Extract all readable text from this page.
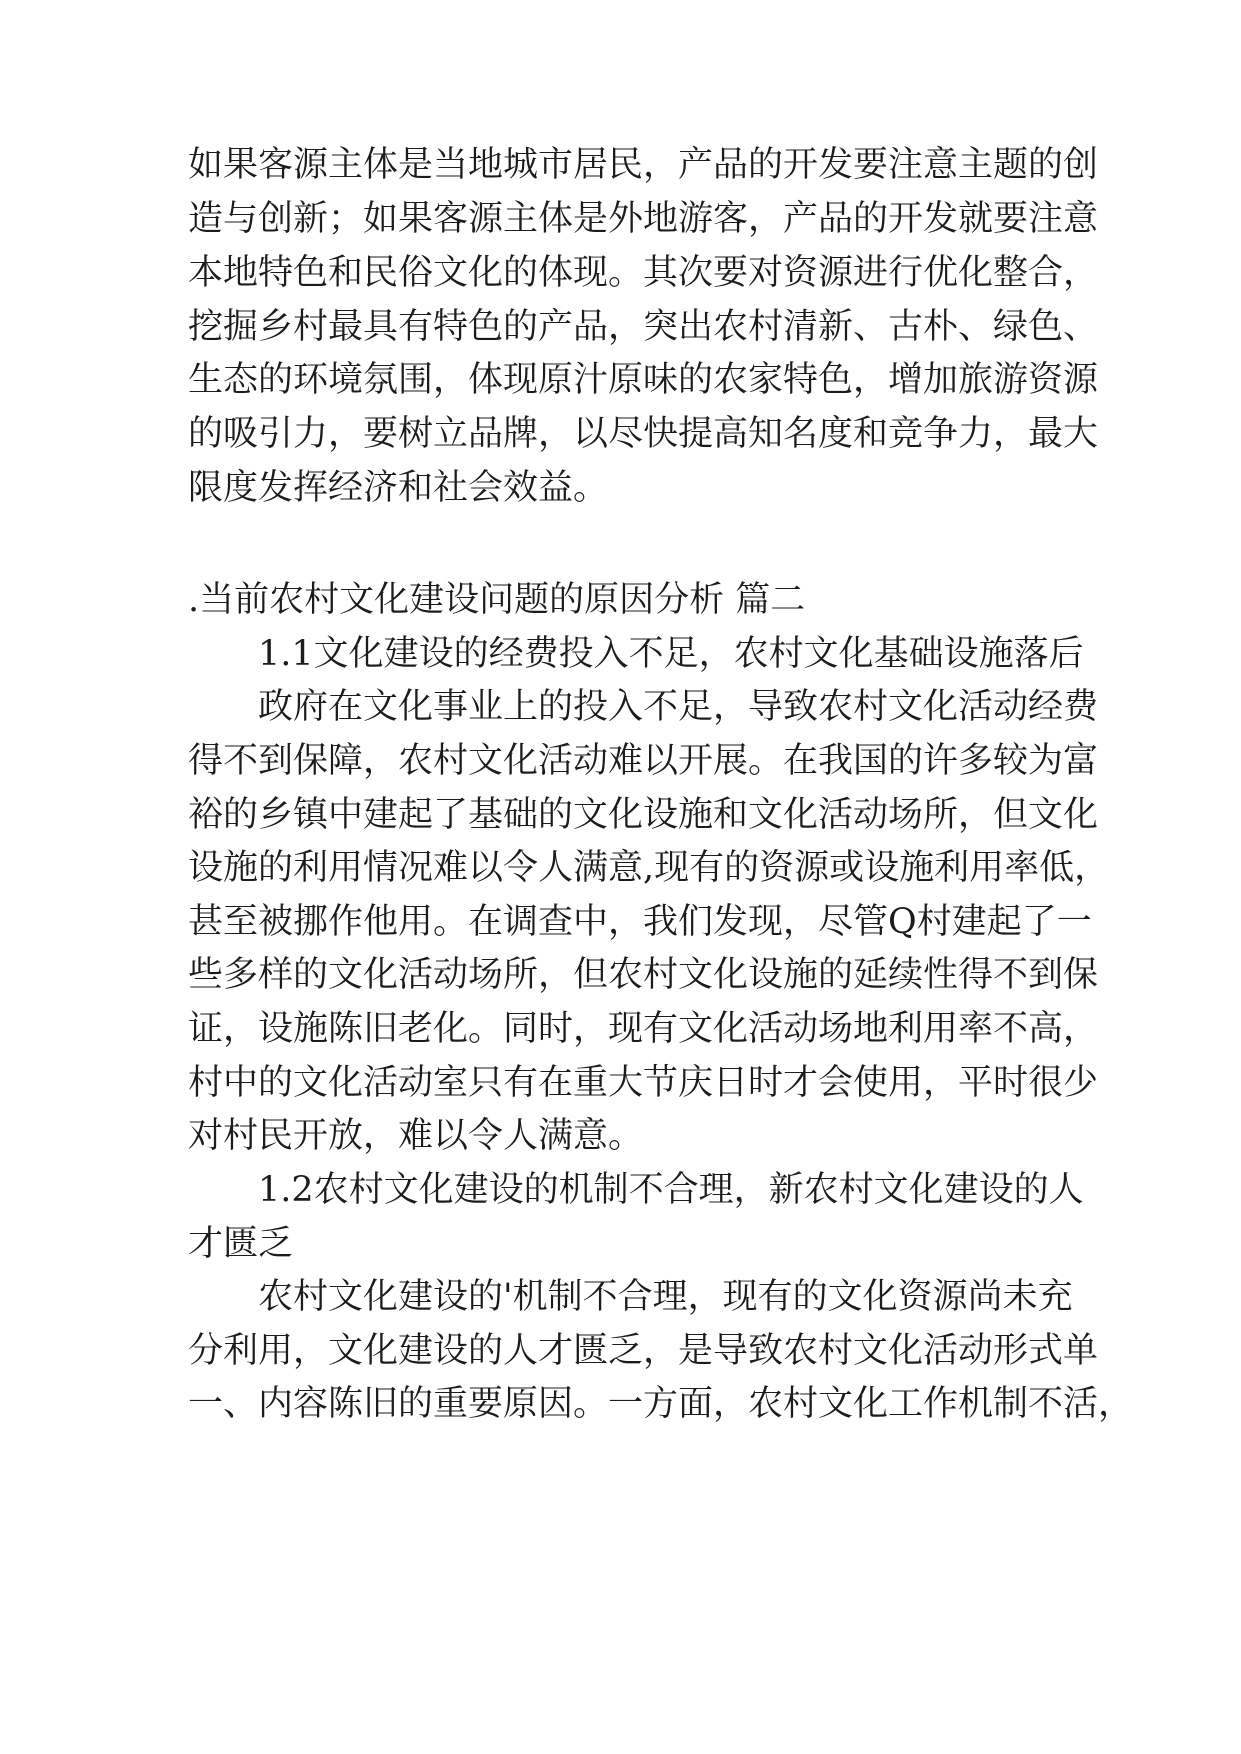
如果客源主体是当地城市居民，产品的开发要注意主题的创

造与创新；如果客源主体是外地游客，产品的开发就要注意

本地特色和民俗文化的体现。其次要对资源进行优化整合，

挖掘乡村最具有特色的产品，突出农村清新、古朴、绿色、

生态的环境氛围，体现原汁原味的农家特色，增加旅游资源

的吸引力，要树立品牌，以尽快提高知名度和竞争力，最大

限度发挥经济和社会效益。

.当前农村文化建设问题的原因分析 篇二

1.1文化建设的经费投入不足，农村文化基础设施落后

政府在文化事业上的投入不足，导致农村文化活动经费

得不到保障，农村文化活动难以开展。在我国的许多较为富

裕的乡镇中建起了基础的文化设施和文化活动场所，但文化

设施的利用情况难以令人满意,现有的资源或设施利用率低，

甚至被挪作他用。在调查中，我们发现，尽管Q村建起了一

些多样的文化活动场所，但农村文化设施的延续性得不到保

证，设施陈旧老化。同时，现有文化活动场地利用率不高，

村中的文化活动室只有在重大节庆日时才会使用，平时很少

对村民开放，难以令人满意。

1.2农村文化建设的机制不合理，新农村文化建设的人

才匮乏

农村文化建设的'机制不合理，现有的文化资源尚未充

分利用，文化建设的人才匮乏，是导致农村文化活动形式单

一、内容陈旧的重要原因。一方面，农村文化工作机制不活，
